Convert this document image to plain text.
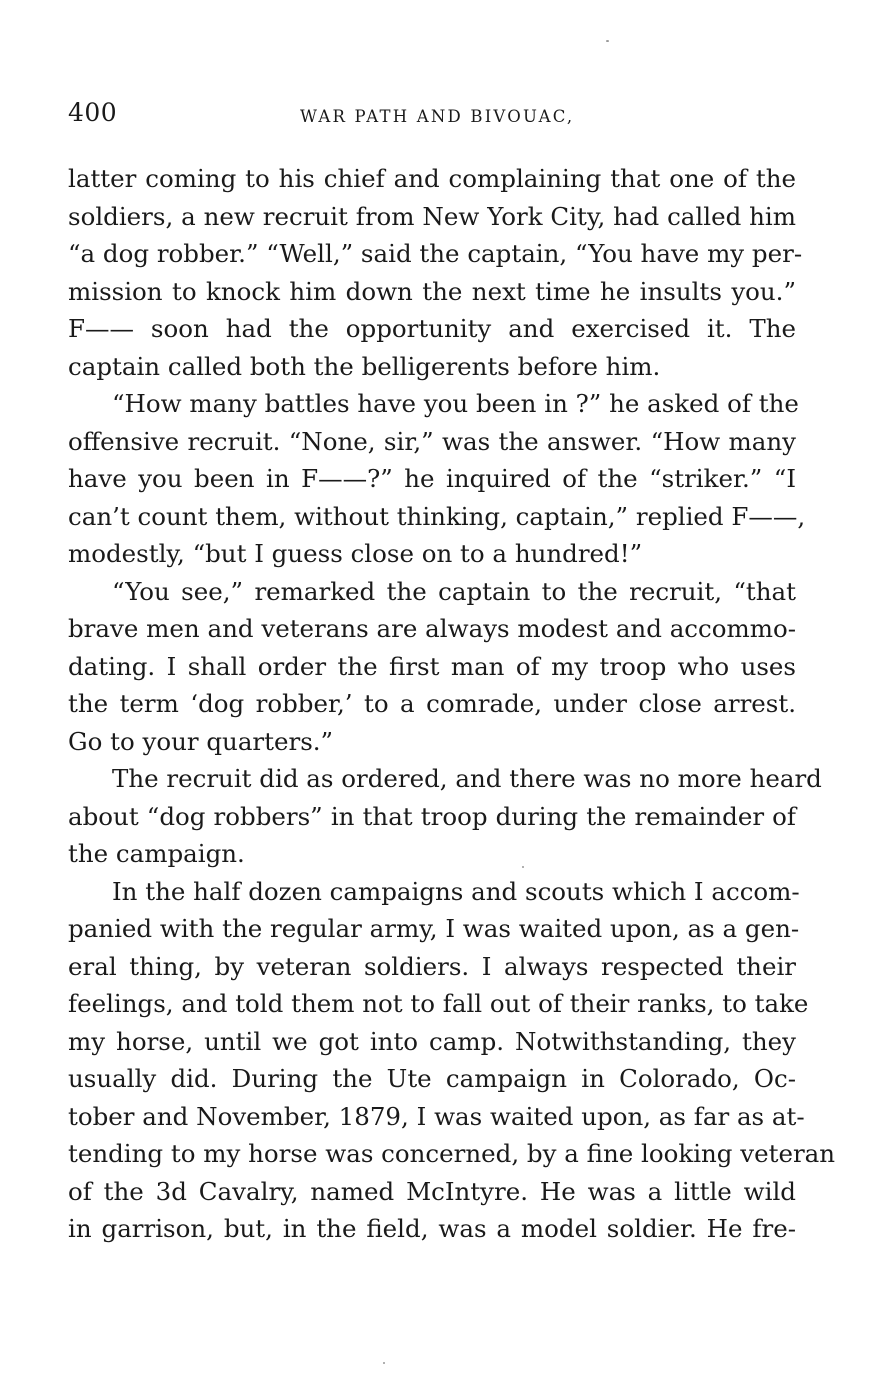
400	WAR PATH AND BIVOUAC,
latter coming to his chief and complaining that one of the
soldiers, a new recruit from New York City, had called him
“a dog robber.” “Well,” said the captain, “You have my per-
mission to knock him down the next time he insults you.”
F—— soon had the opportunity and exercised it. The
captain called both the belligerents before him.
“How many battles have you been in ?” he asked of the
offensive recruit. “None, sir,” was the answer. “How many
have you been in F——?” he inquired of the “striker.” “I
can’t count them, without thinking, captain,” replied F——,
modestly, “but I guess close on to a hundred!”
“You see,” remarked the captain to the recruit, “that
brave men and veterans are always modest and accommo-
dating. I shall order the first man of my troop who uses
the term ‘dog robber,’ to a comrade, under close arrest.
Go to your quarters.”
The recruit did as ordered, and there was no more heard
about “dog robbers” in that troop during the remainder of
the campaign.
In the half dozen campaigns and scouts which I accom-
panied with the regular army, I was waited upon, as a gen-
eral thing, by veteran soldiers. I always respected their
feelings, and told them not to fall out of their ranks, to take
my horse, until we got into camp. Notwithstanding, they
usually did. During the Ute campaign in Colorado, Oc-
tober and November, 1879, I was waited upon, as far as at-
tending to my horse was concerned, by a fine looking veteran
of the 3d Cavalry, named McIntyre. He was a little wild
in garrison, but, in the field, was a model soldier. He fre-
